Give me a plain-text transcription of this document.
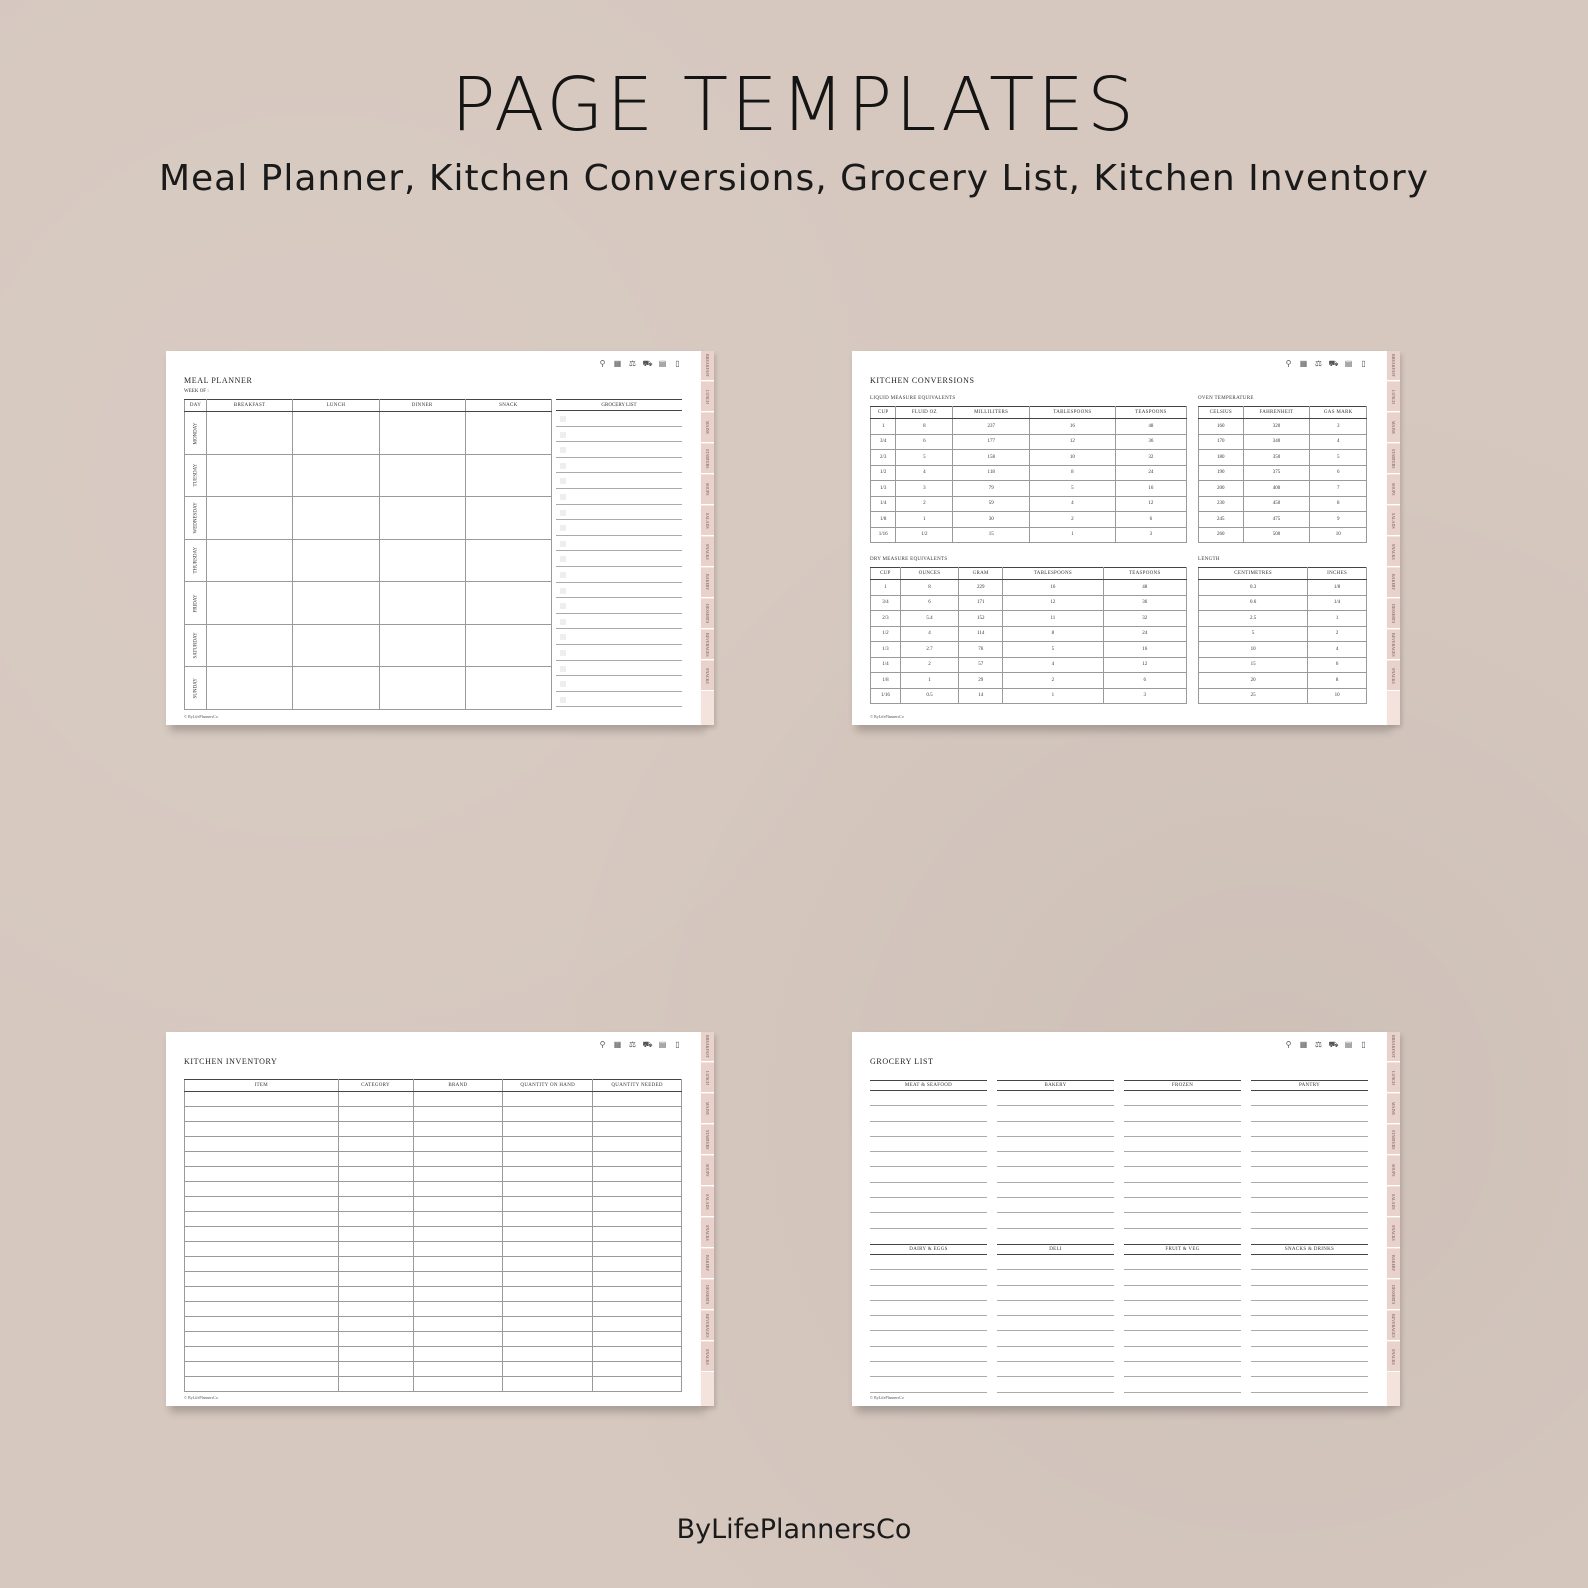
PAGE TEMPLATES
Meal Planner, Kitchen Conversions, Grocery List, Kitchen Inventory
⚲	▦ ⚖ ⛟ ▤	▯	BREAKFAST
LUNCH
MAINS
STARTERS
SOUPS
SALADS
SNACKS
BAKERY
DESSERTS
BEVERAGES
SNACKS
MEAL PLANNER
WEEK OF :
DAY	BREAKFAST	LUNCH	DINNER	SNACK
MONDAY				
TUESDAY				
WEDNESDAY				
THURSDAY				
FRIDAY				
SATURDAY				
SUNDAY				
GROCERY LIST
© ByLifePlannersCo
⚲	▦ ⚖ ⛟ ▤	▯	BREAKFAST
LUNCH
MAINS
STARTERS
SOUPS
SALADS
SNACKS
BAKERY
DESSERTS
BEVERAGES
SNACKS
KITCHEN CONVERSIONS
LIQUID MEASURE EQUIVALENTS
CUP	FLUID OZ	MILLILITERS	TABLESPOONS	TEASPOONS
1	8	237	16	48
3/4	6	177	12	36
2/3	5	158	10	32
1/2	4	118	8	24
1/3	3	79	5	16
1/4	2	59	4	12
1/8	1	30	2	6
1/16	1/2	15	1	3
OVEN TEMPERATURE
CELSIUS	FAHRENHEIT	GAS MARK
160	320	3
170	340	4
180	350	5
190	375	6
200	400	7
230	450	8
245	475	9
260	500	10
DRY MEASURE EQUIVALENTS
CUP	OUNCES	GRAM	TABLESPOONS	TEASPOONS
1	8	229	16	48
3/4	6	171	12	36
2/3	5.4	152	11	32
1/2	4	114	8	24
1/3	2.7	76	5	16
1/4	2	57	4	12
1/8	1	29	2	6
1/16	0.5	14	1	3
LENGTH
CENTIMETRES	INCHES
0.3	1/8
0.6	1/4
2.5	1
5	2
10	4
15	6
20	8
25	10
© ByLifePlannersCo
⚲	▦ ⚖ ⛟ ▤	▯	BREAKFAST
LUNCH
MAINS
STARTERS
SOUPS
SALADS
SNACKS
BAKERY
DESSERTS
BEVERAGES
SNACKS
KITCHEN INVENTORY
ITEM	CATEGORY	BRAND	QUANTITY ON HAND	QUANTITY NEEDED

© ByLifePlannersCo
⚲	▦ ⚖ ⛟ ▤	▯	BREAKFAST
LUNCH
MAINS
STARTERS
SOUPS
SALADS
SNACKS
BAKERY
DESSERTS
BEVERAGES
SNACKS
GROCERY LIST
MEAT & SEAFOOD	BAKERY	FROZEN	PANTRY
DAIRY & EGGS	DELI	FRUIT & VEG	SNACKS & DRINKS
© ByLifePlannersCo
ByLifePlannersCo
